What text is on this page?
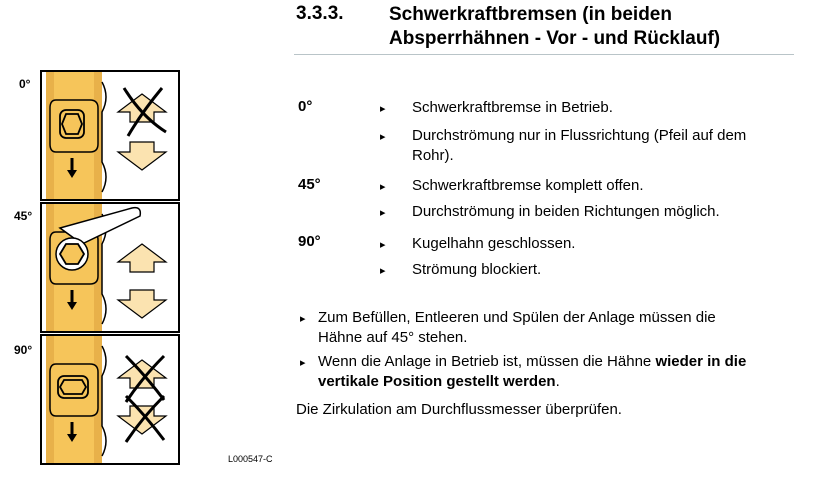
3.3.3. Schwerkraftbremsen (in beiden
Absperrhähnen - Vor - und Rücklauf)
0°
45°
90°
L000547-C
0°	▸ Schwerkraftbremse in Betrieb.
▸ Durchströmung nur in Flussrichtung (Pfeil auf dem
Rohr).
45°	▸ Schwerkraftbremse komplett offen.
▸ Durchströmung in beiden Richtungen möglich.
90°	▸ Kugelhahn geschlossen.
▸ Strömung blockiert.
▸ Zum Befüllen, Entleeren und Spülen der Anlage müssen die
Hähne auf 45° stehen.
▸ Wenn die Anlage in Betrieb ist, müssen die Hähne wieder in die
vertikale Position gestellt werden.
Die Zirkulation am Durchflussmesser überprüfen.
